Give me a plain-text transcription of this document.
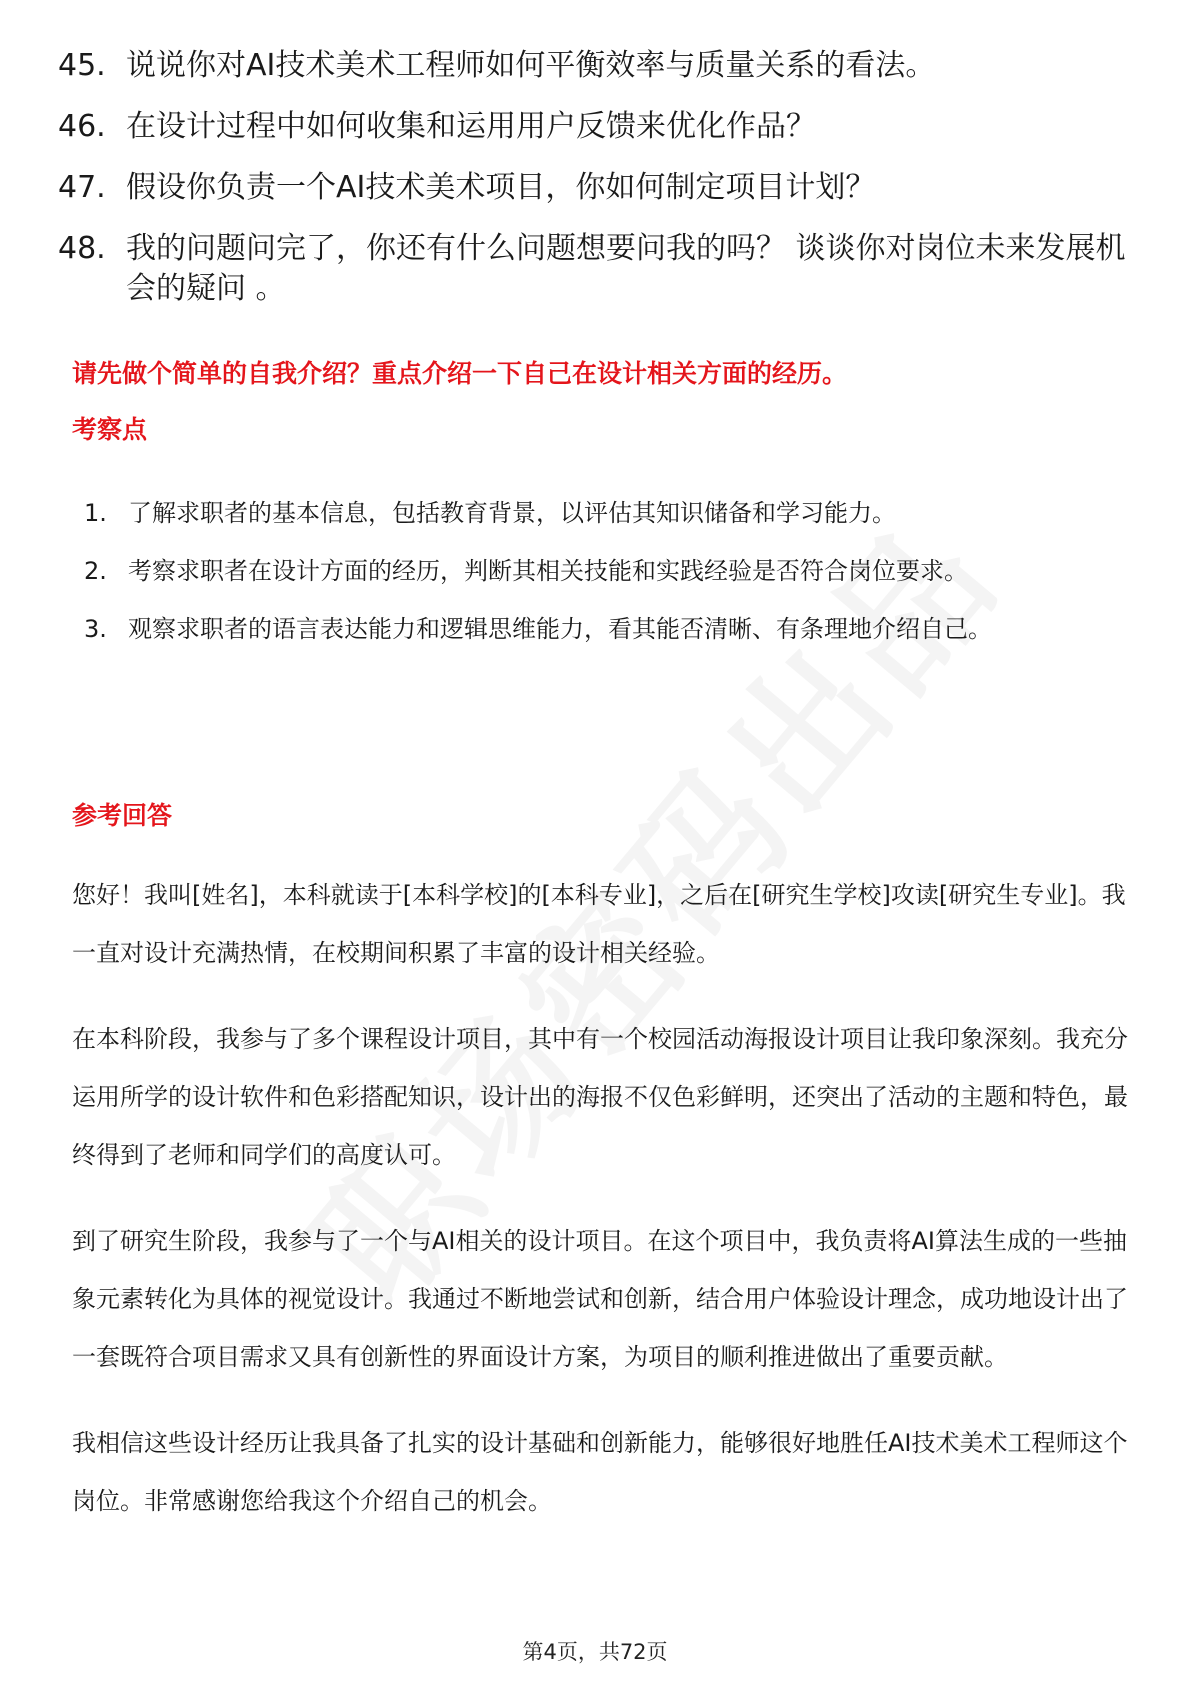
45. 说说你对AI技术美术工程师如何平衡效率与质量关系的看法。
46. 在设计过程中如何收集和运用用户反馈来优化作品？
47. 假设你负责一个AI技术美术项目，你如何制定项目计划？
48. 我的问题问完了，你还有什么问题想要问我的吗？ 谈谈你对岗位未来发展机会的疑问 。
请先做个简单的自我介绍？重点介绍一下自己在设计相关方面的经历。
考察点
1. 了解求职者的基本信息，包括教育背景，以评估其知识储备和学习能力。
2. 考察求职者在设计方面的经历，判断其相关技能和实践经验是否符合岗位要求。
3. 观察求职者的语言表达能力和逻辑思维能力，看其能否清晰、有条理地介绍自己。
参考回答

您好！我叫[姓名]，本科就读于[本科学校]的[本科专业]，之后在[研究生学校]攻读[研究生专业]。我一直对设计充满热情，在校期间积累了丰富的设计相关经验。

在本科阶段，我参与了多个课程设计项目，其中有一个校园活动海报设计项目让我印象深刻。我充分运用所学的设计软件和色彩搭配知识，设计出的海报不仅色彩鲜明，还突出了活动的主题和特色，最终得到了老师和同学们的高度认可。

到了研究生阶段，我参与了一个与AI相关的设计项目。在这个项目中，我负责将AI算法生成的一些抽象元素转化为具体的视觉设计。我通过不断地尝试和创新，结合用户体验设计理念，成功地设计出了一套既符合项目需求又具有创新性的界面设计方案，为项目的顺利推进做出了重要贡献。

我相信这些设计经历让我具备了扎实的设计基础和创新能力，能够很好地胜任AI技术美术工程师这个岗位。非常感谢您给我这个介绍自己的机会。

第4页，共72页
